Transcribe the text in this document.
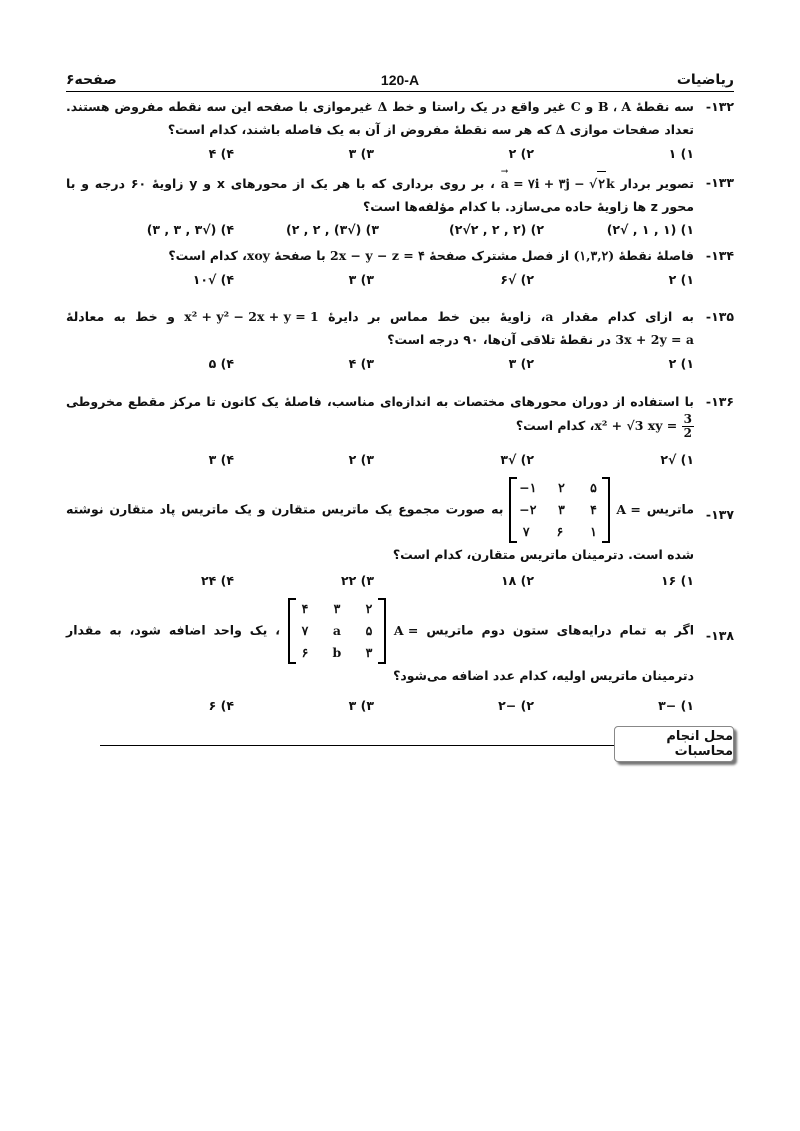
ریاضیات
120-A
صفحه۶
۱۳۲-
سه نقطهٔ B ، A و C غیر واقع در یک راستا و خط Δ غیرموازی با صفحه این سه نقطه مفروض هستند. تعداد صفحات موازی Δ که هر سه نقطهٔ مفروض از آن به یک فاصله باشند، کدام است؟
۱) ۱
۲) ۲
۳) ۳
۴) ۴
۱۳۳-
تصویر بردار → a = ۷i + ۳j − √۲k ، بر روی برداری که با هر یک از محورهای x و y زاویهٔ ۶۰ درجه و با محور z ها زاویهٔ حاده می‌سازد. با کدام مؤلفه‌ها است؟
۱) (۱ , ۱ , √۲)
۲) (۲ , ۲ , ۲√۲)
۳) (√۳) , ۲ , ۲)
۴) (√۳ , ۳ , ۳)
۱۳۴-
فاصلهٔ نقطهٔ (۱,۳,۲) از فصل مشترک صفحهٔ 2x − y − z = ۴ با صفحهٔ xoy، کدام است؟
۱) ۲
۲) √۶
۳) ۳
۴) √۱۰
۱۳۵-
به ازای کدام مقدار a، زاویهٔ بین خط مماس بر دایرهٔ x² + y² − 2x + y = 1 و خط به معادلهٔ 3x + 2y = a در نقطهٔ تلاقی آن‌ها، ۹۰ درجه است؟
۱) ۲
۲) ۳
۳) ۴
۴) ۵
۱۳۶-
با استفاده از دوران محورهای مختصات به اندازه‌ای مناسب، فاصلهٔ یک کانون تا مرکز مقطع مخروطی x² + √3 xy = $\frac{3}{2}$
، کدام است؟
۱) √۲
۲) √۳
۳) ۲
۴) ۳
۱۳۷-
ماتریس A =
−۱ ۲ ۵
−۲ ۳ ۴
۷ ۶ ۱
به صورت مجموع یک ماتریس متقارن و یک ماتریس پاد متقارن نوشته شده است. دترمینان ماتریس متقارن، کدام است؟
۱) ۱۶
۲) ۱۸
۳) ۲۲
۴) ۲۴
۱۳۸-
اگر به تمام درایه‌های ستون دوم ماتریس A =
۴ ۳ ۲
۷ a ۵
۶ b ۳
، یک واحد اضافه شود، به مقدار دترمینان ماتریس اولیه، کدام عدد اضافه می‌شود؟
۱) −۳
۲) −۲
۳) ۳
۴) ۶
محل انجام محاسبات
